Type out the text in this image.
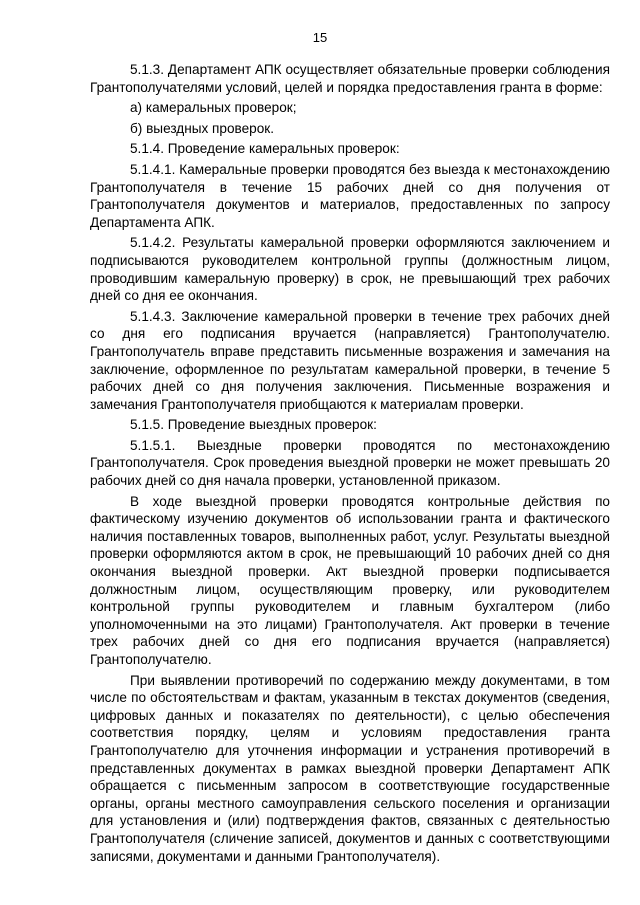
15

5.1.3. Департамент АПК осуществляет обязательные проверки соблюдения Грантополучателями условий, целей и порядка предоставления гранта в форме:

а) камеральных проверок;

б) выездных проверок.

5.1.4. Проведение камеральных проверок:

5.1.4.1. Камеральные проверки проводятся без выезда к местонахождению Грантополучателя в течение 15 рабочих дней со дня получения от Грантополучателя документов и материалов, предоставленных по запросу Департамента АПК.

5.1.4.2. Результаты камеральной проверки оформляются заключением и подписываются руководителем контрольной группы (должностным лицом, проводившим камеральную проверку) в срок, не превышающий трех рабочих дней со дня ее окончания.

5.1.4.3. Заключение камеральной проверки в течение трех рабочих дней со дня его подписания вручается (направляется) Грантополучателю. Грантополучатель вправе представить письменные возражения и замечания на заключение, оформленное по результатам камеральной проверки, в течение 5 рабочих дней со дня получения заключения. Письменные возражения и замечания Грантополучателя приобщаются к материалам проверки.

5.1.5. Проведение выездных проверок:

5.1.5.1. Выездные проверки проводятся по местонахождению Грантополучателя. Срок проведения выездной проверки не может превышать 20 рабочих дней со дня начала проверки, установленной приказом.

В ходе выездной проверки проводятся контрольные действия по фактическому изучению документов об использовании гранта и фактического наличия поставленных товаров, выполненных работ, услуг. Результаты выездной проверки оформляются актом в срок, не превышающий 10 рабочих дней со дня окончания выездной проверки. Акт выездной проверки подписывается должностным лицом, осуществляющим проверку, или руководителем контрольной группы руководителем и главным бухгалтером (либо уполномоченными на это лицами) Грантополучателя. Акт проверки в течение трех рабочих дней со дня его подписания вручается (направляется) Грантополучателю.

При выявлении противоречий по содержанию между документами, в том числе по обстоятельствам и фактам, указанным в текстах документов (сведения, цифровых данных и показателях по деятельности), с целью обеспечения соответствия порядку, целям и условиям предоставления гранта Грантополучателю для уточнения информации и устранения противоречий в представленных документах в рамках выездной проверки Департамент АПК обращается с письменным запросом в соответствующие государственные органы, органы местного самоуправления сельского поселения и организации для установления и (или) подтверждения фактов, связанных с деятельностью Грантополучателя (сличение записей, документов и данных с соответствующими записями, документами и данными Грантополучателя).
